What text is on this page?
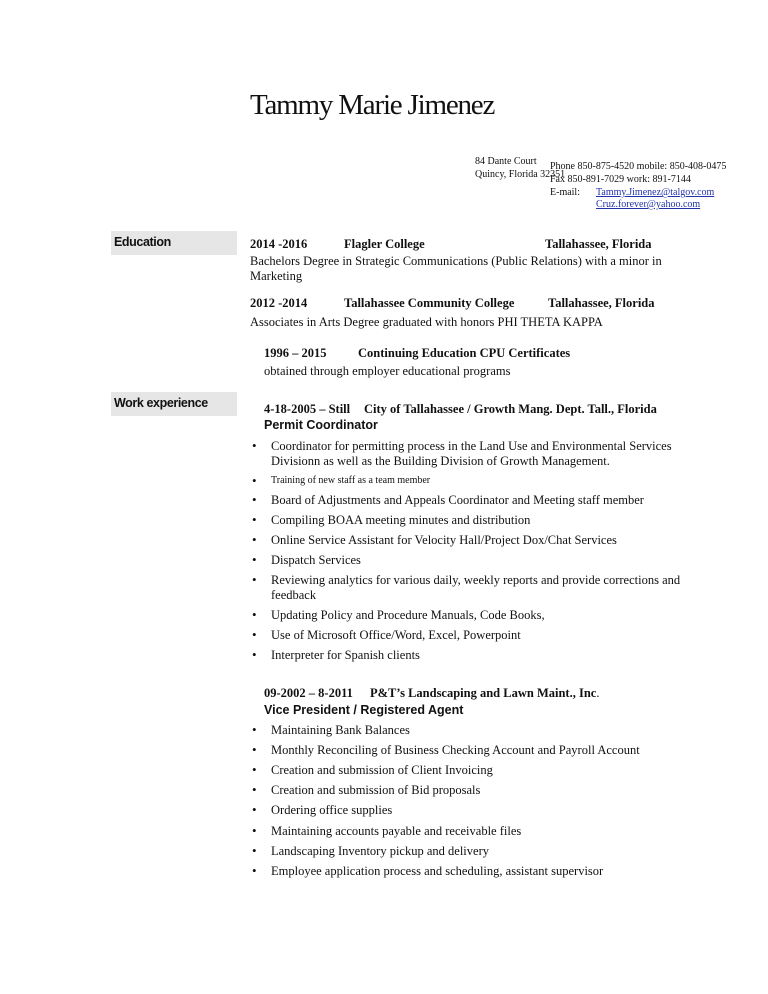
Tammy Marie Jimenez
84 Dante Court
Quincy, Florida 32351
Phone 850-875-4520 mobile: 850-408-0475
Fax 850-891-7029 work: 891-7144
E-mail: Tammy.Jimenez@talgov.com
Cruz.forever@yahoo.com
Education
Work experience
2014 -2016	Flagler College	Tallahassee, Florida
Bachelors Degree in Strategic Communications (Public Relations) with a minor in
Marketing
2012 -2014	Tallahassee Community College	Tallahassee, Florida
Associates in Arts Degree graduated with honors PHI THETA KAPPA
1996 – 2015	Continuing Education CPU Certificates
obtained through employer educational programs
4-18-2005 – Still City of Tallahassee / Growth Mang. Dept. Tall., Florida
Permit Coordinator
• Coordinator for permitting process in the Land Use and Environmental Services
Divisionn as well as the Building Division of Growth Management.
• Training of new staff as a team member
• Board of Adjustments and Appeals Coordinator and Meeting staff member
• Compiling BOAA meeting minutes and distribution
• Online Service Assistant for Velocity Hall/Project Dox/Chat Services
• Dispatch Services
• Reviewing analytics for various daily, weekly reports and provide corrections and
feedback
• Updating Policy and Procedure Manuals, Code Books,
• Use of Microsoft Office/Word, Excel, Powerpoint
• Interpreter for Spanish clients
09-2002 – 8-2011 P&T’s Landscaping and Lawn Maint., Inc.
Vice President / Registered Agent
• Maintaining Bank Balances
• Monthly Reconciling of Business Checking Account and Payroll Account
• Creation and submission of Client Invoicing
• Creation and submission of Bid proposals
• Ordering office supplies
• Maintaining accounts payable and receivable files
• Landscaping Inventory pickup and delivery
• Employee application process and scheduling, assistant supervisor
